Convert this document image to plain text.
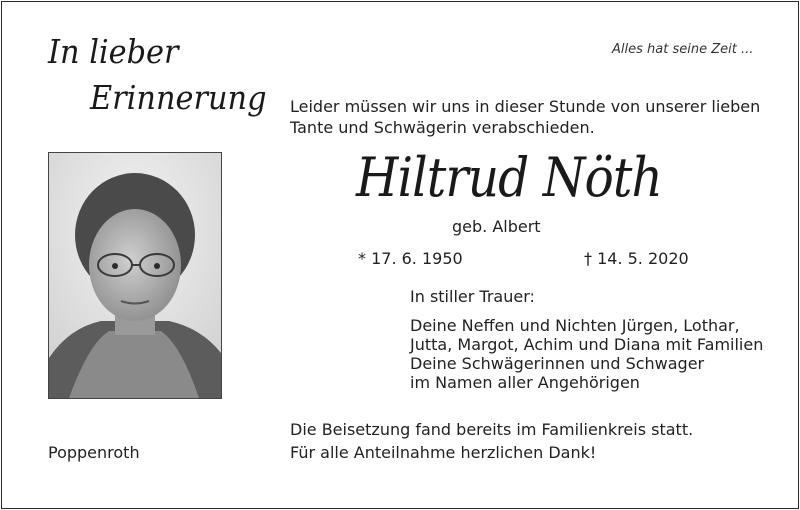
In lieber
Erinnerung
Alles hat seine Zeit ...
Leider müssen wir uns in dieser Stunde von unserer lieben
Tante und Schwägerin verabschieden.
Hiltrud Nöth
geb. Albert
* 17. 6. 1950	† 14. 5. 2020
In stiller Trauer:
Deine Neffen und Nichten Jürgen, Lothar,
Jutta, Margot, Achim und Diana mit Familien
Deine Schwägerinnen und Schwager
im Namen aller Angehörigen
Die Beisetzung fand bereits im Familienkreis statt.
Für alle Anteilnahme herzlichen Dank!
Poppenroth
